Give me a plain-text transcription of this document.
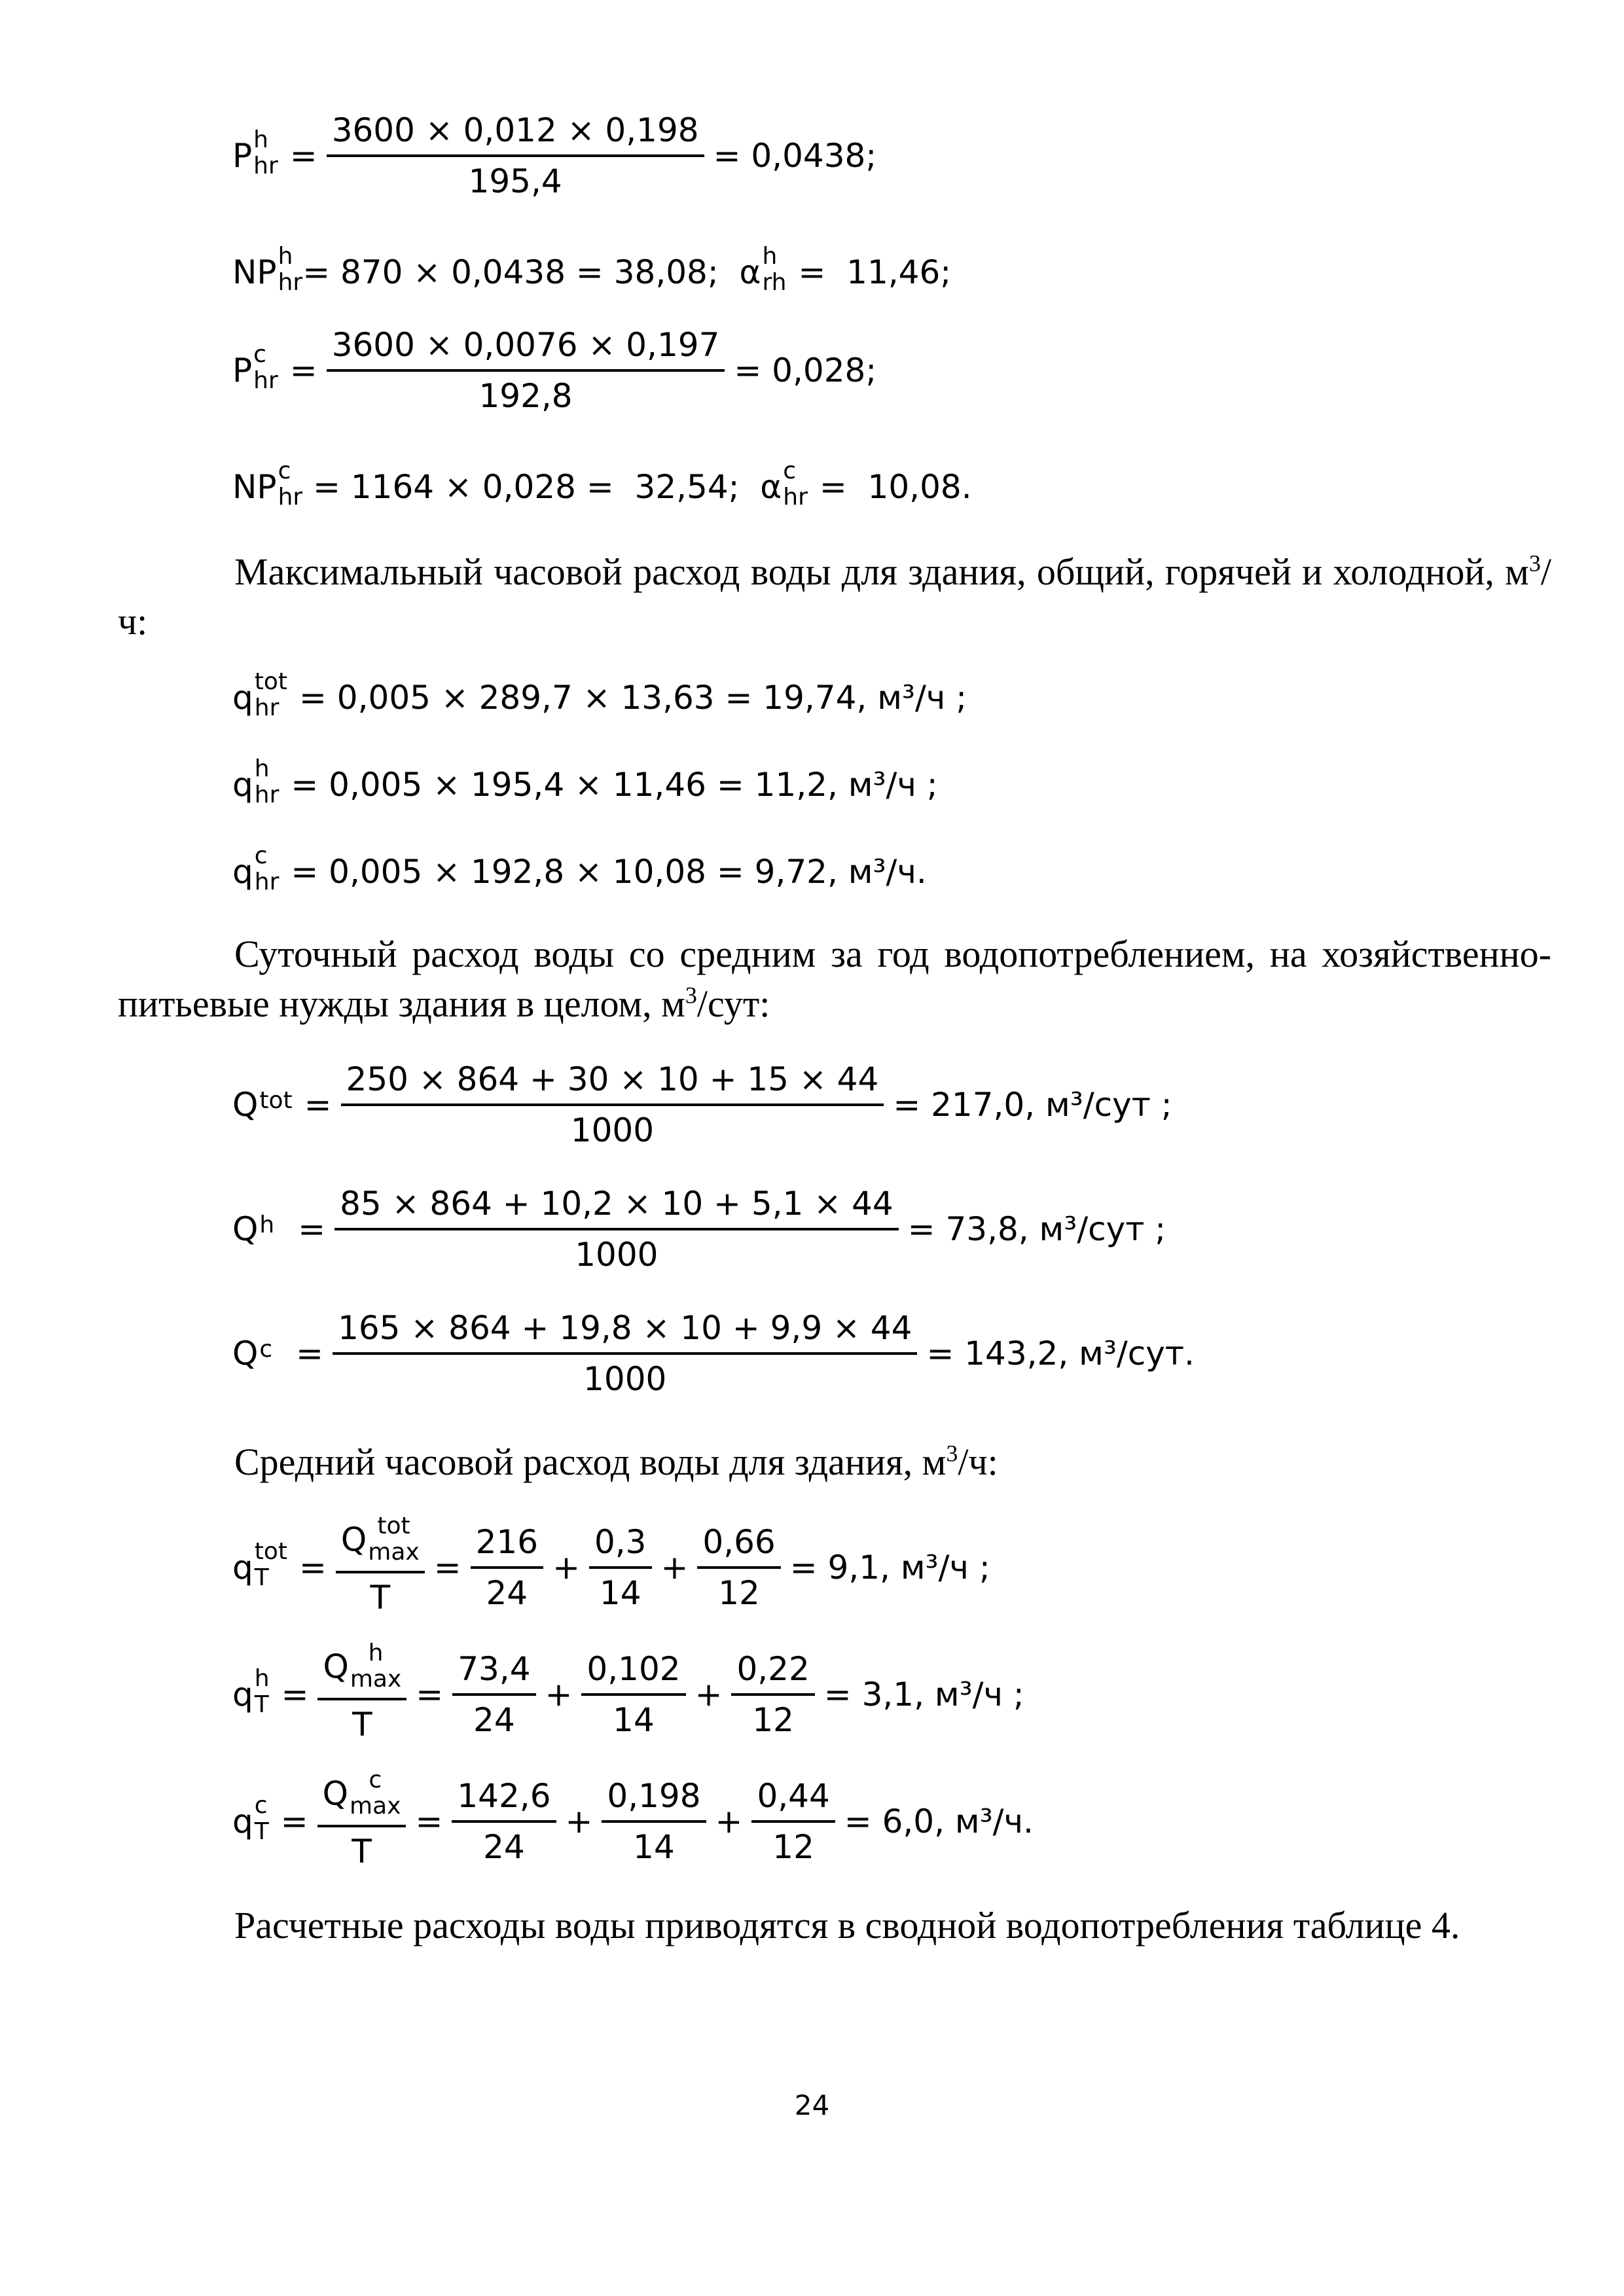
P h
hr = $\frac{3600 \times 0,012 \times 0,198}{195,4} = 0,0438$;
NP h
hr = 870 × 0,0438 = 38,08;  α h
rh =  11,46;
P c
hr = $\frac{3600 \times 0,0076 \times 0,197}{192,8} = 0,028$;
NP c
hr = 1164 × 0,028 =  32,54;  α c
hr =  10,08.
Максимальный часовой расход воды для здания, общий, горячей и холодной, $м^3/ч$:
q tot
hr = 0,005 × 289,7 × 13,63 = 19,74, м³/ч ;
q h
hr = 0,005 × 195,4 × 11,46 = 11,2, м³/ч ;
q c
hr = 0,005 × 192,8 × 10,08 = 9,72, м³/ч.
Суточный расход воды со средним за год водопотреблением, на хозяйственно-питьевые нужды здания в целом, $м^3$/сут:
Q tot = $\frac{250 \times 864 + 30 \times 10 + 15 \times 44}{1000} = 217,0$, м³/сут ;
Q $h = \frac{85 \times 864 + 10,2 \times 10 + 5,1 \times 44}{1000} = 73,8$, м³/сут ;
Q $c = \frac{165 \times 864 + 19,8 \times 10 + 9,9 \times 44}{1000} = 143,2$, м³/сут.
Средний часовой расход воды для здания, $м^3/ч$:
q tot
T = Q tot
max
$T = \frac{216}{24} + \frac{0,3}{14} + \frac{0,66}{12} = 9,1$, м³/ч ;
q h
T = Q h
max
$T = \frac{73,4}{24} + \frac{0,102}{14} + \frac{0,22}{12} = 3,1$, м³/ч ;
q c
T = Q c
max
$T = \frac{142,6}{24} + \frac{0,198}{14} + \frac{0,44}{12} = 6,0$, м³/ч.
Расчетные расходы воды приводятся в сводной водопотребления таблице 4.
24
